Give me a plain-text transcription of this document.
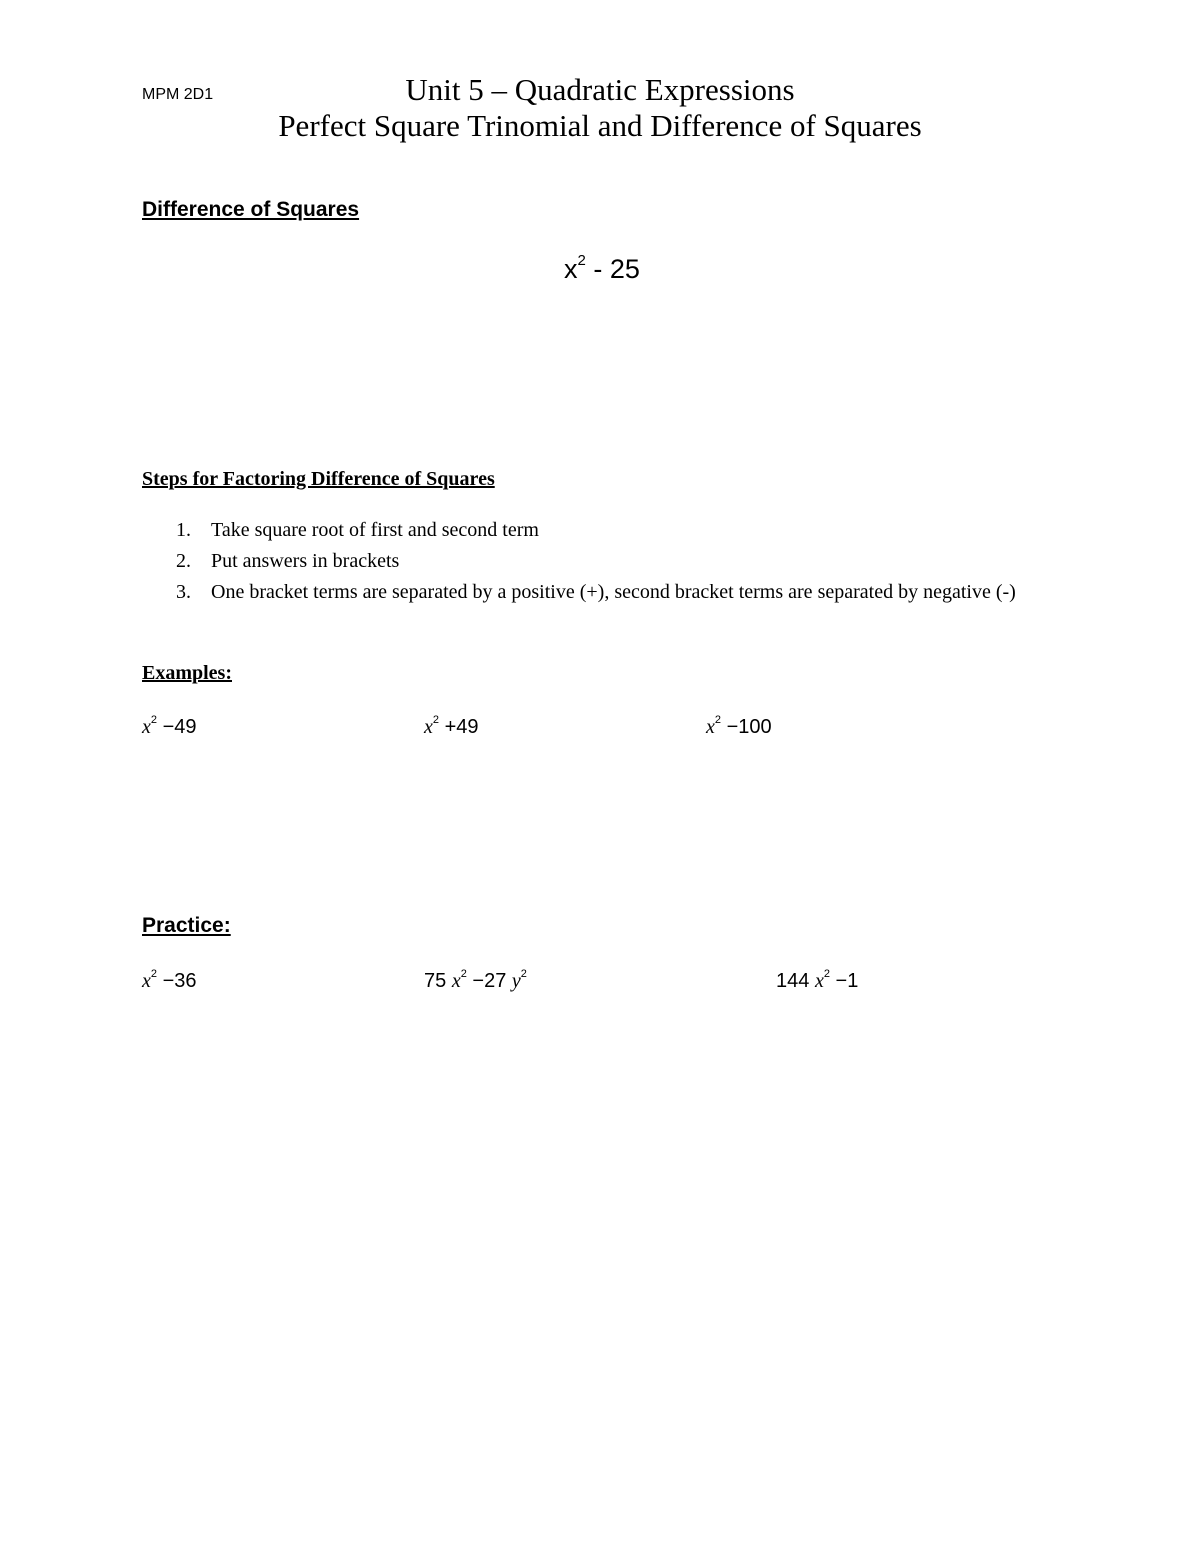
MPM 2D1	Unit 5 – Quadratic Expressions
Perfect Square Trinomial and Difference of Squares
Difference of Squares
$x^2 - 25$
Steps for Factoring Difference of Squares
1. Take square root of first and second term
2. Put answers in brackets
3. One bracket terms are separated by a positive (+), second bracket terms are separated by negative (-)
Examples:
$x^2 -49$	$x^2 +49$	$x^2 -100$
Practice:
$x^2 -36$	75 $x^2 -27$ $y^2$	144 $x^2 -1$
